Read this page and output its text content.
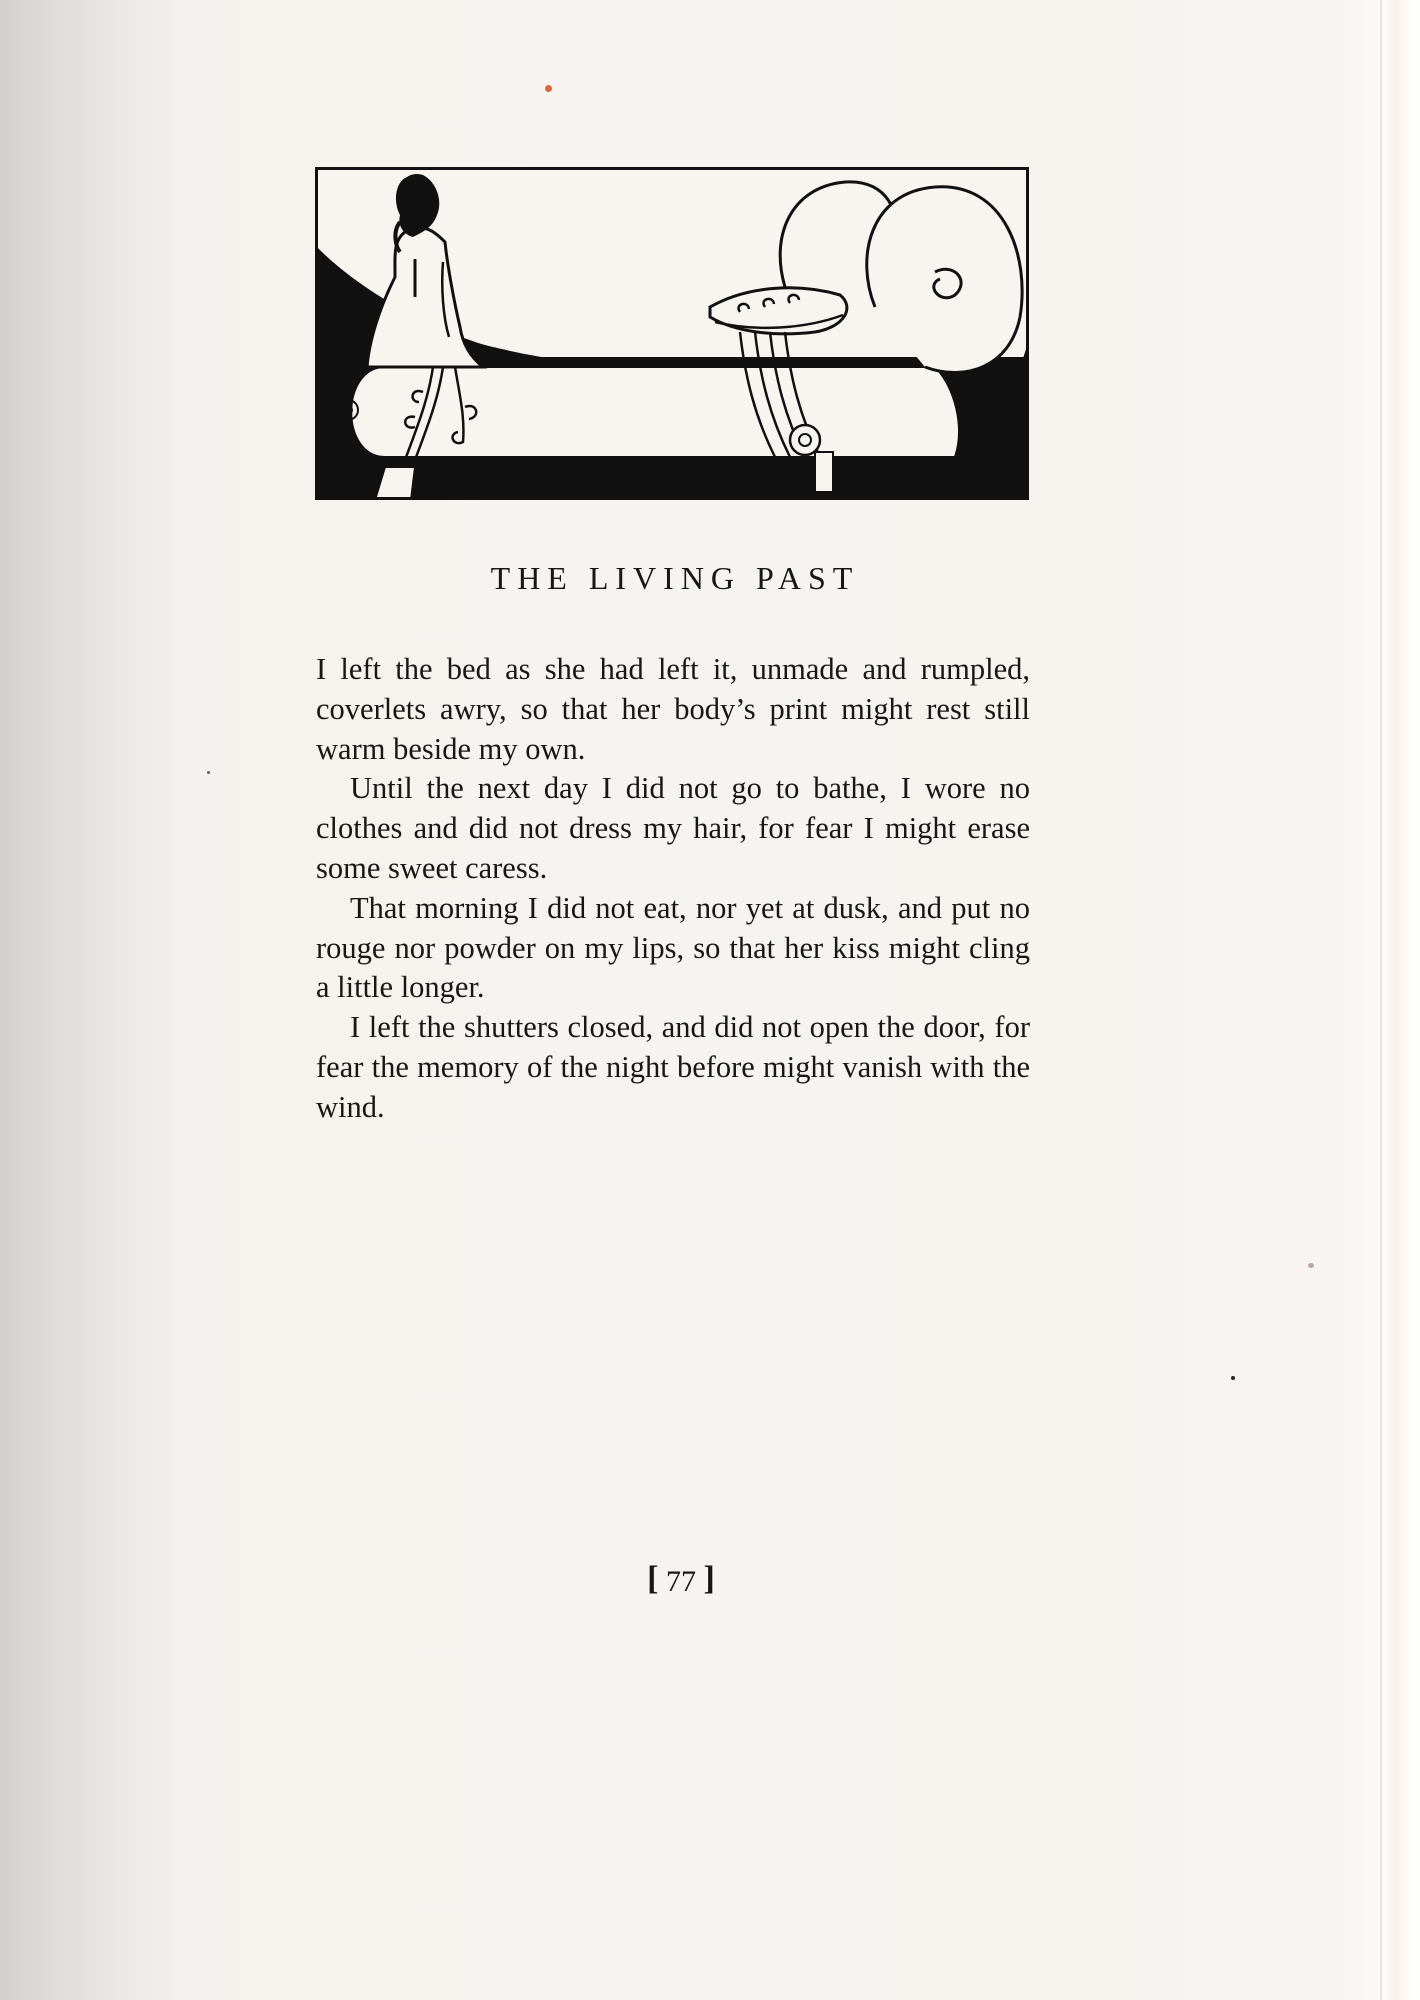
THE LIVING PAST

I left the bed as she had left it, unmade and rumpled, coverlets awry, so that her body’s print might rest still warm beside my own.

Until the next day I did not go to bathe, I wore no clothes and did not dress my hair, for fear I might erase some sweet caress.

That morning I did not eat, nor yet at dusk, and put no rouge nor powder on my lips, so that her kiss might cling a little longer.

I left the shutters closed, and did not open the door, for fear the memory of the night before might vanish with the wind.

[ 77 ]
